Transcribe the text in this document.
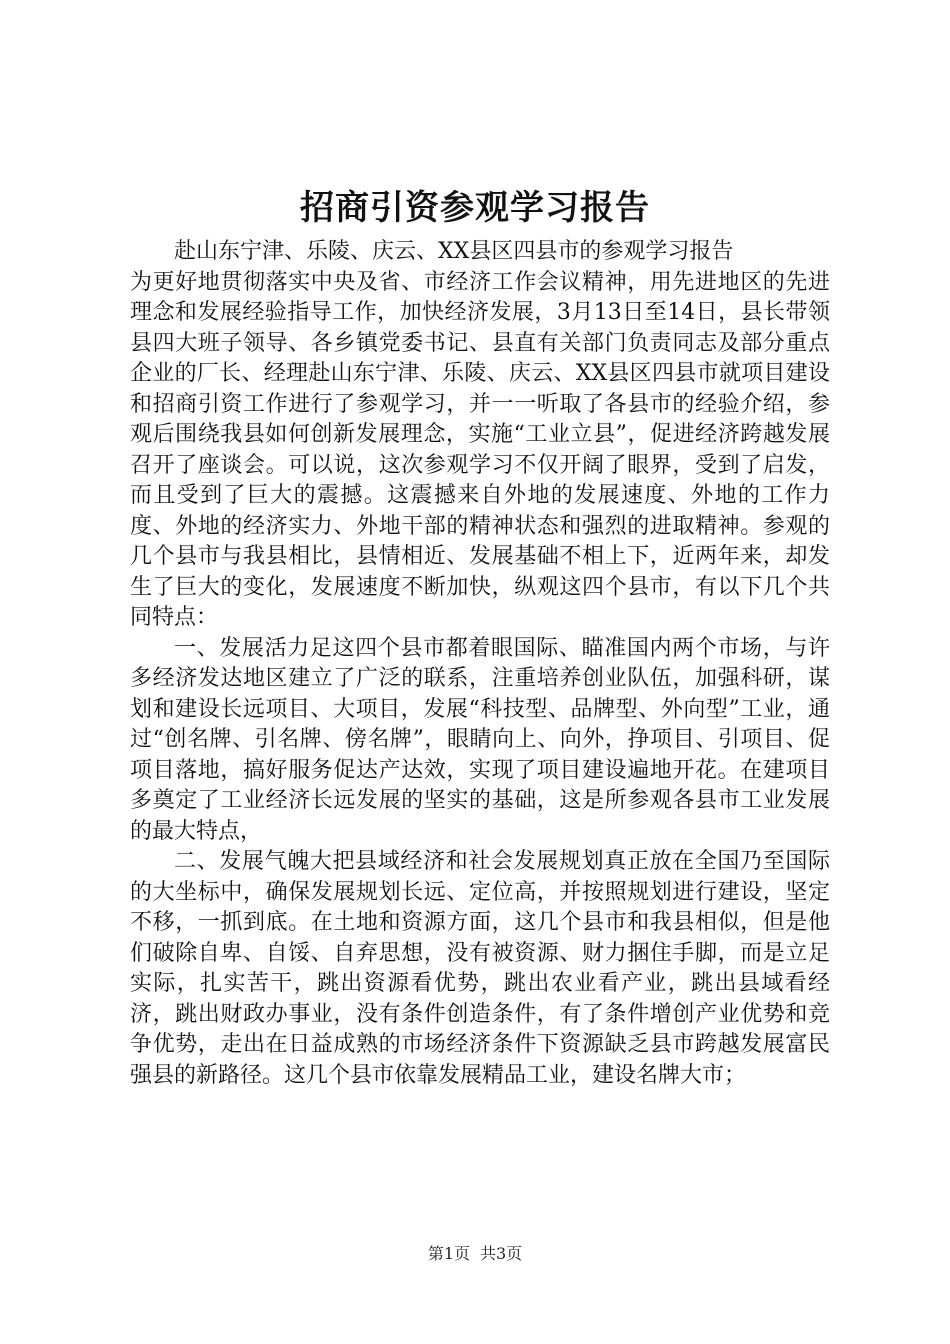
招商引资参观学习报告

赴山东宁津、乐陵、庆云、XX县区四县市的参观学习报告

为更好地贯彻落实中央及省、市经济工作会议精神，用先进地区的先进理念和发展经验指导工作，加快经济发展，3月13日至14日，县长带领县四大班子领导、各乡镇党委书记、县直有关部门负责同志及部分重点企业的厂长、经理赴山东宁津、乐陵、庆云、XX县区四县市就项目建设和招商引资工作进行了参观学习，并一一听取了各县市的经验介绍，参观后围绕我县如何创新发展理念，实施“工业立县”，促进经济跨越发展召开了座谈会。可以说，这次参观学习不仅开阔了眼界，受到了启发，而且受到了巨大的震撼。这震撼来自外地的发展速度、外地的工作力度、外地的经济实力、外地干部的精神状态和强烈的进取精神。参观的几个县市与我县相比，县情相近、发展基础不相上下，近两年来，却发生了巨大的变化，发展速度不断加快，纵观这四个县市，有以下几个共同特点：

一、发展活力足这四个县市都着眼国际、瞄准国内两个市场，与许多经济发达地区建立了广泛的联系，注重培养创业队伍，加强科研，谋划和建设长远项目、大项目，发展“科技型、品牌型、外向型”工业，通过“创名牌、引名牌、傍名牌”，眼睛向上、向外，挣项目、引项目、促项目落地，搞好服务促达产达效，实现了项目建设遍地开花。在建项目多奠定了工业经济长远发展的坚实的基础，这是所参观各县市工业发展的最大特点，

二、发展气魄大把县域经济和社会发展规划真正放在全国乃至国际的大坐标中，确保发展规划长远、定位高，并按照规划进行建设，坚定不移，一抓到底。在土地和资源方面，这几个县市和我县相似，但是他们破除自卑、自馁、自弃思想，没有被资源、财力捆住手脚，而是立足实际，扎实苦干，跳出资源看优势，跳出农业看产业，跳出县域看经济，跳出财政办事业，没有条件创造条件，有了条件增创产业优势和竞争优势，走出在日益成熟的市场经济条件下资源缺乏县市跨越发展富民强县的新路径。这几个县市依靠发展精品工业，建设名牌大市；

第1页 共3页
